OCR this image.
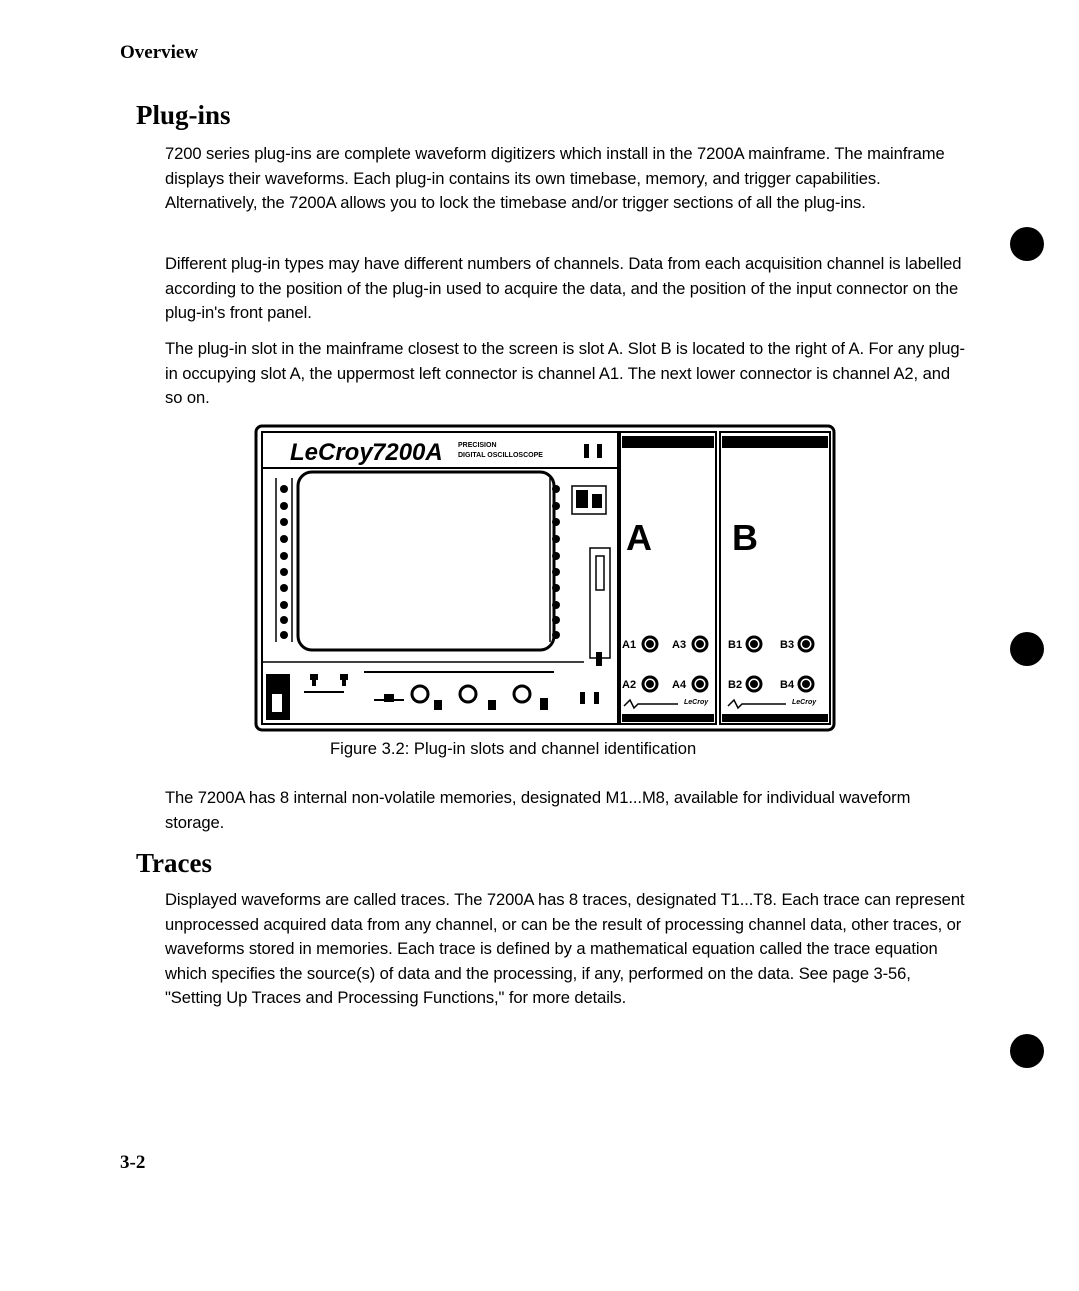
Overview
Plug-ins

7200 series plug-ins are complete waveform digitizers which install in the 7200A mainframe. The mainframe displays their waveforms. Each plug-in contains its own timebase, memory, and trigger capabilities. Alternatively, the 7200A allows you to lock the timebase and/or trigger sections of all the plug-ins.

Different plug-in types may have different numbers of channels. Data from each acquisition channel is labelled according to the position of the plug-in used to acquire the data, and the position of the input connector on the plug-in's front panel.

The plug-in slot in the mainframe closest to the screen is slot A. Slot B is located to the right of A. For any plug-in occupying slot A, the uppermost left connector is channel A1. The next lower connector is channel A2, and so on.

LeCroy 7200A PRECISION
DIGITAL OSCILLOSCOPE
A
A1	A3
A2	A4
LeCroy
B
B1	B3
B2	B4
LeCroy
Figure 3.2: Plug-in slots and channel identification

The 7200A has 8 internal non-volatile memories, designated M1...M8, available for individual waveform storage.

Traces

Displayed waveforms are called traces. The 7200A has 8 traces, designated T1...T8. Each trace can represent unprocessed acquired data from any channel, or can be the result of processing channel data, other traces, or waveforms stored in memories. Each trace is defined by a mathematical equation called the trace equation which specifies the source(s) of data and the processing, if any, performed on the data. See page 3-56, "Setting Up Traces and Processing Functions," for more details.

3-2
